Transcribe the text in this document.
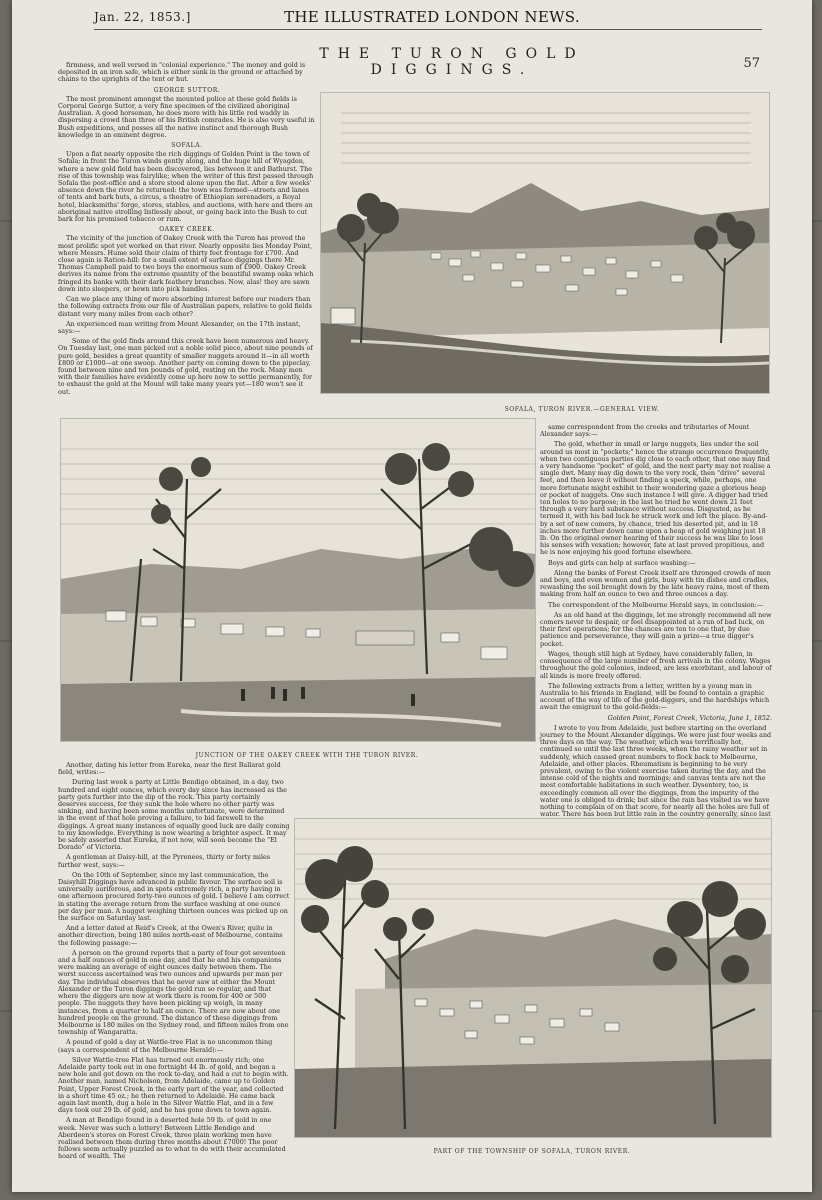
Jan. 22, 1853.]	THE ILLUSTRATED LONDON NEWS.
THE TURON GOLD DIGGINGS.	57

firmness, and well versed in "colonial experience." The money and gold is deposited in an iron safe, which is either sunk in the ground or attached by chains to the uprights of the tent or hut.

GEORGE SUTTOR.

The most prominent amongst the mounted police at these gold fields is Corporal George Suttor, a very fine specimen of the civilized aboriginal Australian. A good horseman, he does more with his little red waddy in dispersing a crowd than three of his British comrades. He is also very useful in Bush expeditions, and posses all the native instinct and thorough Bush knowledge in an eminent degree.

SOFALA.

Upon a flat nearly opposite the rich diggings of Golden Point is the town of Sofala; in front the Turon winds gently along, and the huge hill of Wyagden, where a new gold field has been discovered, lies between it and Bathurst. The rise of this township was fairylike; when the writer of this first passed through Sofala the post-office and a store stood alone upon the flat. After a few weeks' absence down the river he returned: the town was formed—streets and lanes of tents and bark huts, a circus, a theatre of Ethiopian serenaders, a Royal hotel, blacksmiths' forge, stores, stables, and auctions, with here and there an aboriginal native strolling listlessly about, or going back into the Bush to cut bark for his promised tobacco or rum.

OAKEY CREEK.

The vicinity of the junction of Oakey Creek with the Turon has proved the most prolific spot yet worked on that river. Nearly opposite lies Monday Point, where Messrs. Hume sold their claim of thirty feet frontage for £700. And close again is Ration-hill: for a small extent of surface diggings there Mr. Thomas Campbell paid to two boys the enormous sum of £900. Oakey Creek derives its name from the extreme quantity of the beautiful swamp oaks which fringed its banks with their dark feathery branches. Now, alas! they are sawn down into sleepers, or hewn into pick handles.

Can we place any thing of more absorbing interest before our readers than the following extracts from our file of Australian papers, relative to gold fields distant very many miles from each other?

An experienced man writing from Mount Alexander, on the 17th instant, says:—

Some of the gold finds around this creek have been numerous and heavy. On Tuesday last, one man picked out a noble solid piece, about nine pounds of pure gold, besides a great quantity of smaller nuggets around it—in all worth £800 or £1000—at one swoop. Another party on coming down to the pipeclay, found between nine and ten pounds of gold, resting on the rock. Many men with their families have evidently come up here now to settle permanently, for to exhaust the gold at the Mount will take many years yet—180 won't see it out.

SOFALA, TURON RIVER.—GENERAL VIEW.
JUNCTION OF THE OAKEY CREEK WITH THE TURON RIVER.

same correspondent from the creeks and tributaries of Mount Alexander says:—

The gold, whether in small or large nuggets, lies under the soil around us most in "pockets;" hence the strange occurrence frequently, when two contiguous parties dig close to each other, that one may find a very handsome "pocket" of gold, and the next party may not realise a single dwt. Many may dig down to the very rock, then "drive" several feet, and then leave it without finding a speck, while, perhaps, one more fortunate might exhibit to their wondering gaze a glorious heap or pocket of nuggets. One such instance I will give. A digger had tried ten holes to no purpose; in the last he tried he went down 21 feet through a very hard substance without success. Disgusted, as he termed it, with his bad luck he struck work and left the place. By-and-by a set of new comers, by chance, tried his deserted pit, and in 18 inches more further down came upon a heap of gold weighing just 18 lb. On the original owner hearing of their success he was like to lose his senses with vexation; however, fate at last proved propitious, and he is now enjoying his good fortune elsewhere.

Boys and girls can help at surface washing:—

Along the banks of Forest Creek itself are thronged crowds of men and boys, and even women and girls, busy with tin dishes and cradles, rewashing the soil brought down by the late heavy rains, most of them making from half an ounce to two and three ounces a day.

The correspondent of the Melbourne Herald says, in conclusion:—

As an old hand at the diggings, let me strongly recommend all new comers never to despair, or feel disappointed at a run of bad luck, on their first operations; for the chances are ten to one that, by due patience and perseverance, they will gain a prize—a true digger's pocket.

Wages, though still high at Sydney, have considerably fallen, in consequence of the large number of fresh arrivals in the colony. Wages throughout the gold colonies, indeed, are less exorbitant, and labour of all kinds is more freely offered.

The following extracts from a letter, written by a young man in Australia to his friends in England, will be found to contain a graphic account of the way of life of the gold-diggers, and the hardships which await the emigrant to the gold-fields:—

Golden Point, Forest Creek, Victoria, June 1, 1852.

I wrote to you from Adelaide, just before starting on the overland journey to the Mount Alexander diggings. We were just four weeks and three days on the way. The weather, which was terrifically hot, continued so until the last three weeks, when the rainy weather set in suddenly, which caused great numbers to flock back to Melbourne, Adelaide, and other places. Rheumatism is beginning to be very prevalent, owing to the violent exercise taken during the day, and the intense cold of the nights and mornings; and canvas tents are not the most comfortable habitations in such weather. Dysentery, too, is exceedingly common all over the diggings, from the impurity of the water one is obliged to drink; but since the rain has visited us we have nothing to complain of on that score, for nearly all the holes are full of water. There has been but little rain in the country generally, since last

Another, dating his letter from Eureka, near the first Ballarat gold field, writes:—

During last week a party at Little Bendigo obtained, in a day, two hundred and eight ounces, which every day since has increased as the party gets further into the dip of the rock. This party certainly deserves success, for they sunk the hole where no other party was sinking, and having been some months unfortunate, were determined in the event of that hole proving a failure, to bid farewell to the diggings. A great many instances of equally good luck are daily coming to my knowledge. Everything is now wearing a brighter aspect. It may be safely asserted that Eureka, if not now, will soon become the "El Dorado" of Victoria.

A gentleman at Daisy-hill, at the Pyrenees, thirty or forty miles further west, says:—

On the 10th of September, since my last communication, the Daisyhill Diggings have advanced in public favour. The surface soil is universally auriferous, and in spots extremely rich, a party having in one afternoon procured forty-two ounces of gold. I believe I am correct in stating the average return from the surface washing at one ounce per day per man. A nugget weighing thirteen ounces was picked up on the surface on Saturday last.

And a letter dated at Reid's Creek, at the Owen's River, quite in another direction, being 180 miles north-east of Melbourne, contains the following passage:—

A person on the ground reports that a party of four got seventeen and a half ounces of gold in one day, and that he and his companions were making an average of eight ounces daily between them. The worst success ascertained was two ounces and upwards per man per day. The individual observes that he never saw at either the Mount Alexander or the Turon diggings the gold run so regular, and that where the diggers are now at work there is room for 400 or 500 people. The nuggets they have been picking up weigh, in many instances, from a quarter to half an ounce. There are now about one hundred people on the ground. The distance of these diggings from Melbourne is 180 miles on the Sydney road, and fifteen miles from one township of Wangaratta.

A pound of gold a day at Wattle-tree Flat is no uncommon thing (says a correspondent of the Melbourne Herald):—

Silver Wattle-tree Flat has turned out enormously rich; one Adelaide party took out in one fortnight 44 lb. of gold, and began a new hole and got down on the rock to-day, and had a cut to begin with. Another man, named Nicholson, from Adelaide, came up to Golden Point, Upper Forest Creek, in the early part of the year, and collected in a short time 45 oz.; he then returned to Adelaide. He came back again last month, dug a hole in the Silver Wattle Flat, and in a few days took out 29 lb. of gold, and he has gone down to town again.

A man at Bendigo found in a deserted hole 59 lb. of gold in one week. Never was such a lottery! Between Little Bendigo and Aberdeen's stores on Forest Creek, three plain working men have realised between them during three months about £7000! The poor fellows seem actually puzzled as to what to do with their accumulated hoard of wealth. The

PART OF THE TOWNSHIP OF SOFALA, TURON RIVER.
